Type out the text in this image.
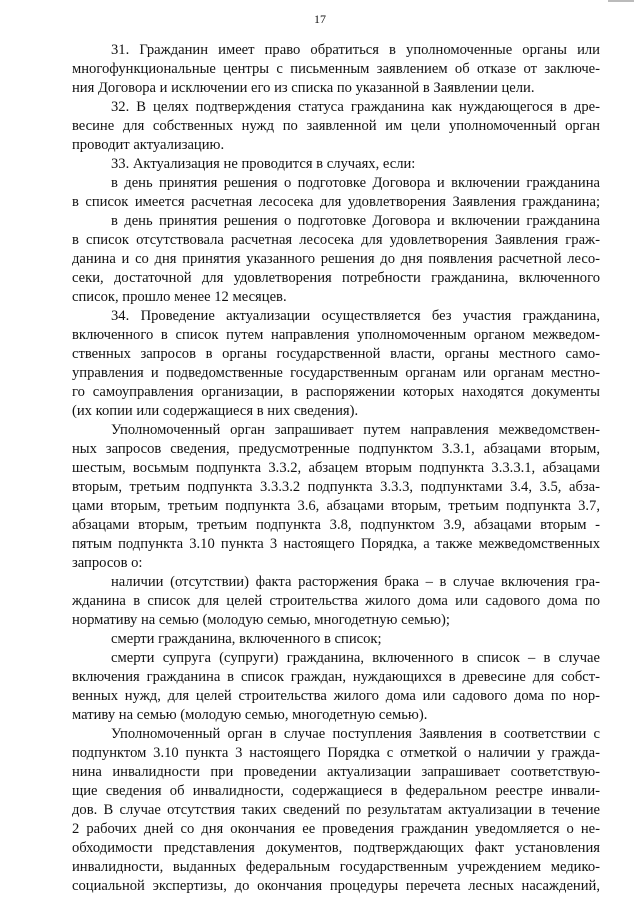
17
31. Гражданин имеет право обратиться в уполномоченные органы или
многофункциональные центры с письменным заявлением об отказе от заключе-
ния Договора и исключении его из списка по указанной в Заявлении цели.
32. В целях подтверждения статуса гражданина как нуждающегося в дре-
весине для собственных нужд по заявленной им цели уполномоченный орган
проводит актуализацию.
33. Актуализация не проводится в случаях, если:
в день принятия решения о подготовке Договора и включении гражданина
в список имеется расчетная лесосека для удовлетворения Заявления гражданина;
в день принятия решения о подготовке Договора и включении гражданина
в список отсутствовала расчетная лесосека для удовлетворения Заявления граж-
данина и со дня принятия указанного решения до дня появления расчетной лесо-
секи, достаточной для удовлетворения потребности гражданина, включенного
список, прошло менее 12 месяцев.
34. Проведение актуализации осуществляется без участия гражданина,
включенного в список путем направления уполномоченным органом межведом-
ственных запросов в органы государственной власти, органы местного само-
управления и подведомственные государственным органам или органам местно-
го самоуправления организации, в распоряжении которых находятся документы
(их копии или содержащиеся в них сведения).
Уполномоченный орган запрашивает путем направления межведомствен-
ных запросов сведения, предусмотренные подпунктом 3.3.1, абзацами вторым,
шестым, восьмым подпункта 3.3.2, абзацем вторым подпункта 3.3.3.1, абзацами
вторым, третьим подпункта 3.3.3.2 подпункта 3.3.3, подпунктами 3.4, 3.5, абза-
цами вторым, третьим подпункта 3.6, абзацами вторым, третьим подпункта 3.7,
абзацами вторым, третьим подпункта 3.8, подпунктом 3.9, абзацами вторым -
пятым подпункта 3.10 пункта 3 настоящего Порядка, а также межведомственных
запросов о:
наличии (отсутствии) факта расторжения брака – в случае включения гра-
жданина в список для целей строительства жилого дома или садового дома по
нормативу на семью (молодую семью, многодетную семью);
смерти гражданина, включенного в список;
смерти супруга (супруги) гражданина, включенного в список – в случае
включения гражданина в список граждан, нуждающихся в древесине для собст-
венных нужд, для целей строительства жилого дома или садового дома по нор-
мативу на семью (молодую семью, многодетную семью).
Уполномоченный орган в случае поступления Заявления в соответствии с
подпунктом 3.10 пункта 3 настоящего Порядка с отметкой о наличии у гражда-
нина инвалидности при проведении актуализации запрашивает соответствую-
щие сведения об инвалидности, содержащиеся в федеральном реестре инвали-
дов. В случае отсутствия таких сведений по результатам актуализации в течение
2 рабочих дней со дня окончания ее проведения гражданин уведомляется о не-
обходимости представления документов, подтверждающих факт установления
инвалидности, выданных федеральным государственным учреждением медико-
социальной экспертизы, до окончания процедуры перечета лесных насаждений,
